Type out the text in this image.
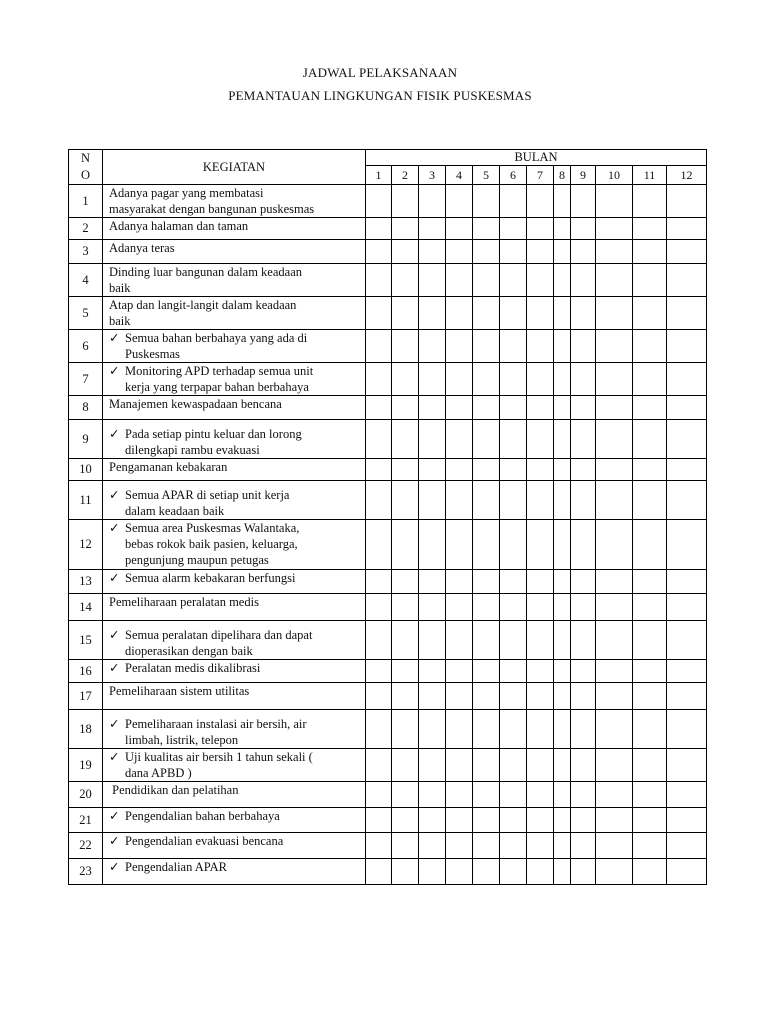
JADWAL PELAKSANAAN
PEMANTAUAN LINGKUNGAN FISIK PUSKESMAS
N
O	KEGIATAN	BULAN											
		1	2	3	4	5	6	7	8	9	10	11	12
1	Adanya pagar yang membatasi
masyarakat dengan bangunan puskesmas												

2	Adanya halaman dan taman												

3	Adanya teras												

4	Dinding luar bangunan dalam keadaan
baik												

5	Atap dan langit-langit dalam keadaan
baik												

6	✓ Semua bahan berbahaya yang ada di
Puskesmas												

7	✓ Monitoring APD terhadap semua unit
kerja yang terpapar bahan berbahaya												

8	Manajemen kewaspadaan bencana												

9	✓ Pada setiap pintu keluar dan lorong
dilengkapi rambu evakuasi												

10	Pengamanan kebakaran												

11	✓ Semua APAR di setiap unit kerja
dalam keadaan baik												

12	✓ Semua area Puskesmas Walantaka,
bebas rokok baik pasien, keluarga,
pengunjung maupun petugas												

13	✓ Semua alarm kebakaran berfungsi												

14	Pemeliharaan peralatan medis												

15	✓ Semua peralatan dipelihara dan dapat
dioperasikan dengan baik												

16	✓ Peralatan medis dikalibrasi												

17	Pemeliharaan sistem utilitas												

18	✓ Pemeliharaan instalasi air bersih, air
limbah, listrik, telepon												

19	✓ Uji kualitas air bersih 1 tahun sekali (
dana APBD )												

20	Pendidikan dan pelatihan												

21	✓ Pengendalian bahan berbahaya												

22	✓ Pengendalian evakuasi bencana												

23	✓ Pengendalian APAR												
